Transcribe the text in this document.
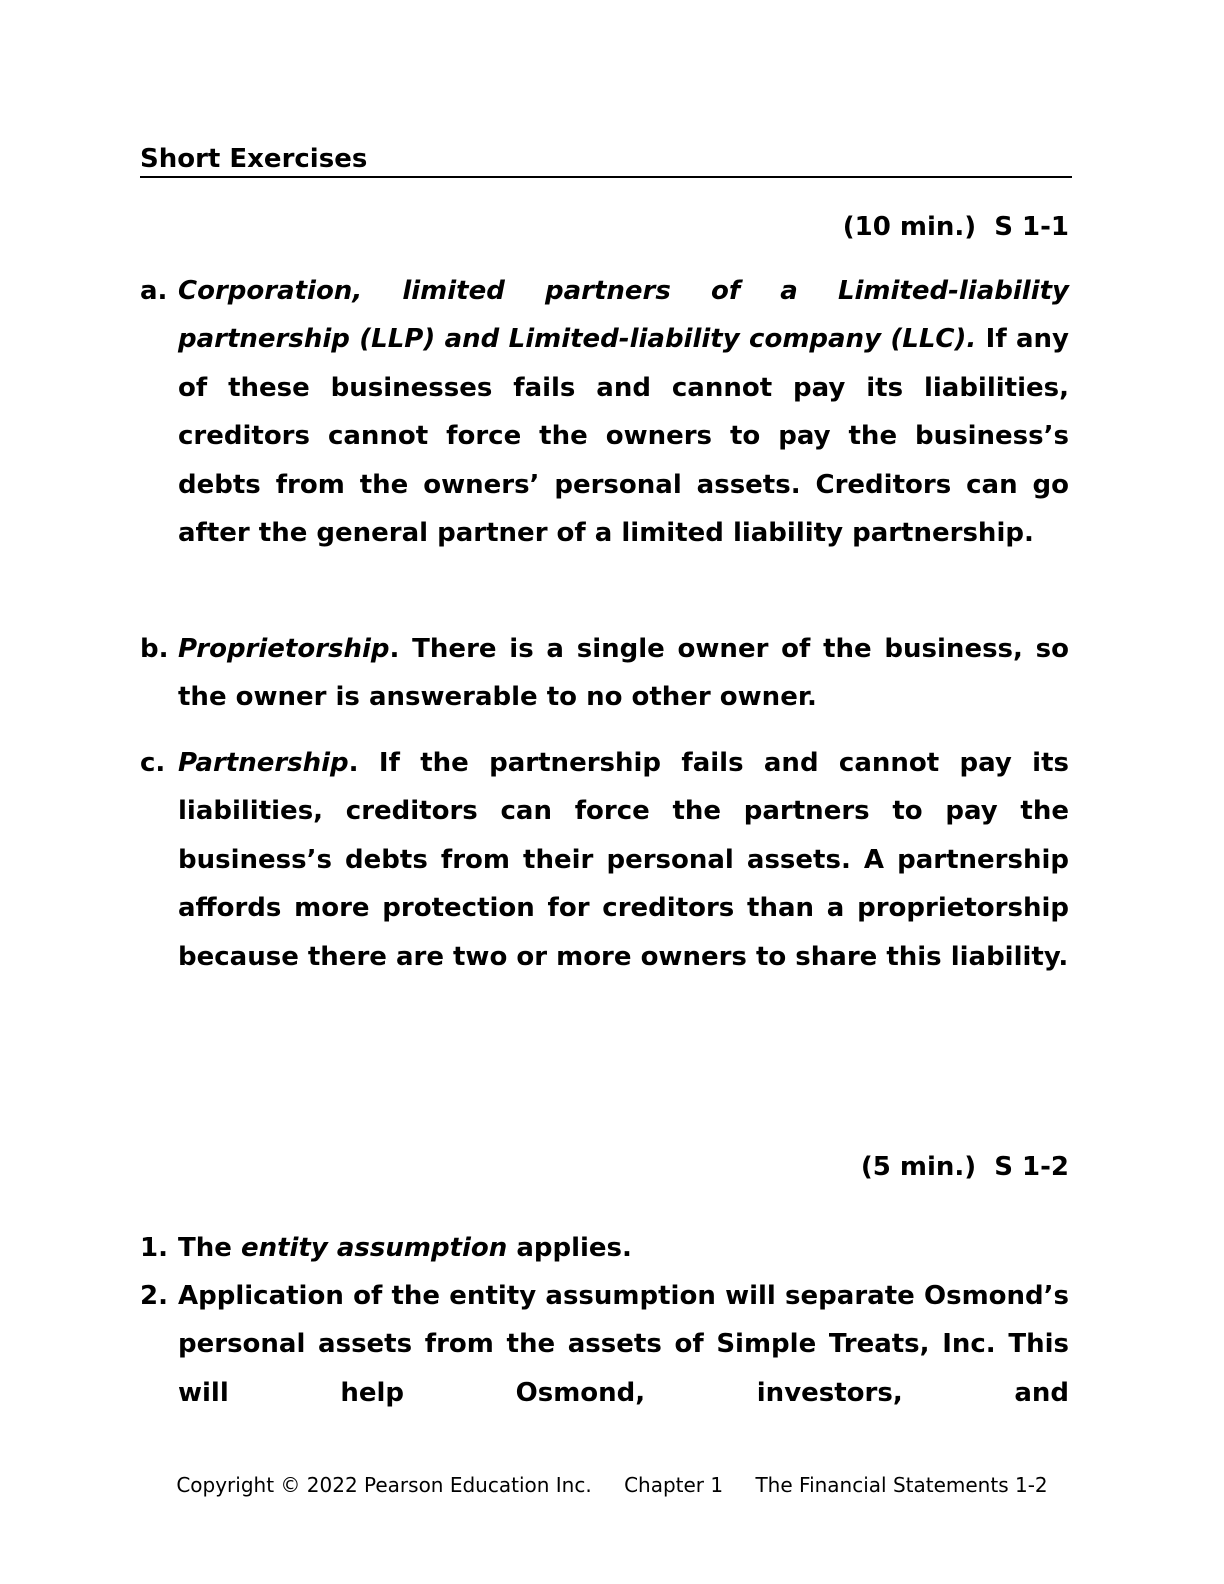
Short Exercises
(10 min.)  S 1-1
a. Corporation, limited partners of a Limited-liability partnership (LLP) and Limited-liability company (LLC). If any of these businesses fails and cannot pay its liabilities, creditors cannot force the owners to pay the business’s debts from the owners’ personal assets. Creditors can go after the general partner of a limited liability partnership.
b. Proprietorship. There is a single owner of the business, so the owner is answerable to no other owner.
c. Partnership. If the partnership fails and cannot pay its liabilities, creditors can force the partners to pay the business’s debts from their personal assets. A partnership affords more protection for creditors than a proprietorship because there are two or more owners to share this liability.
(5 min.)  S 1-2
1. The entity assumption applies.
2. Application of the entity assumption will separate Osmond’s personal assets from the assets of Simple Treats, Inc. This will help Osmond, investors, and
Copyright © 2022 Pearson Education Inc. Chapter 1 The Financial Statements 1-2
